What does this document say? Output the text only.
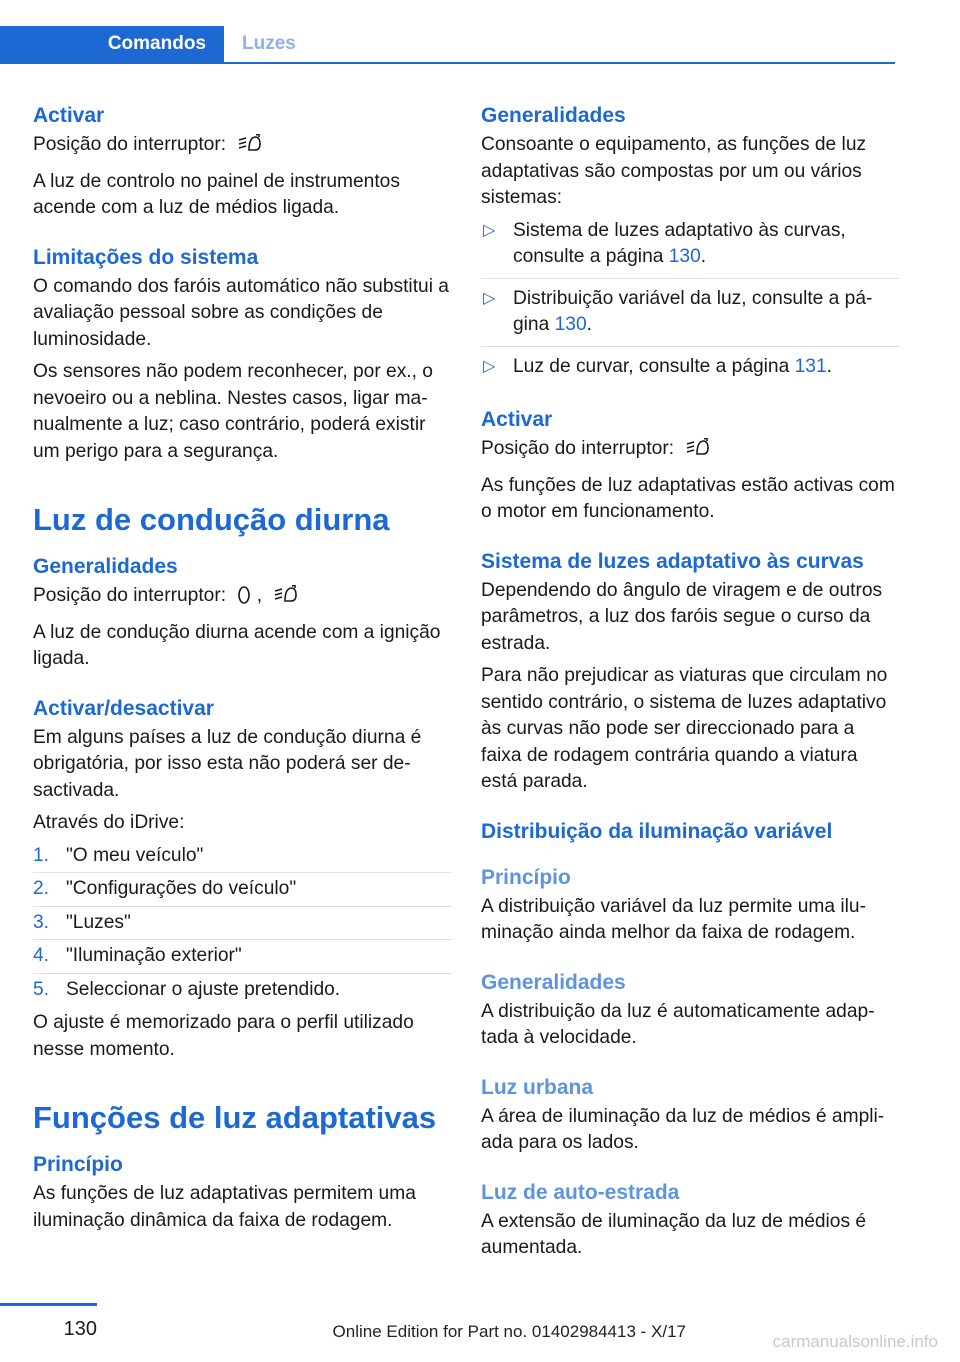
Comandos	Luzes
Activar

Posição do interruptor:

A luz de controlo no painel de instrumentos acende com a luz de médios ligada.

Limitações do sistema

O comando dos faróis automático não substitui a avaliação pessoal sobre as condições de luminosidade.

Os sensores não podem reconhecer, por ex., o nevoeiro ou a neblina. Nestes casos, ligar manualmente a luz; caso contrário, poderá existir um perigo para a segurança.

Luz de condução diurna
Generalidades

Posição do interruptor: ,

A luz de condução diurna acende com a ignição ligada.

Activar/desactivar

Em alguns países a luz de condução diurna é obrigatória, por isso esta não poderá ser desactivada.

Através do iDrive:

1. "O meu veículo"
2. "Configurações do veículo"
3. "Luzes"
4. "Iluminação exterior"
5. Seleccionar o ajuste pretendido.

O ajuste é memorizado para o perfil utilizado nesse momento.

Funções de luz adaptativas
Princípio

As funções de luz adaptativas permitem uma iluminação dinâmica da faixa de rodagem.

Generalidades

Consoante o equipamento, as funções de luz adaptativas são compostas por um ou vários sistemas:

▷ Sistema de luzes adaptativo às curvas, consulte a página 130.
▷ Distribuição variável da luz, consulte a página 130.
▷ Luz de curvar, consulte a página 131.
Activar

Posição do interruptor:

As funções de luz adaptativas estão activas com o motor em funcionamento.

Sistema de luzes adaptativo às curvas

Dependendo do ângulo de viragem e de outros parâmetros, a luz dos faróis segue o curso da estrada.

Para não prejudicar as viaturas que circulam no sentido contrário, o sistema de luzes adaptativo às curvas não pode ser direccionado para a faixa de rodagem contrária quando a viatura está parada.

Distribuição da iluminação variável
Princípio

A distribuição variável da luz permite uma iluminação ainda melhor da faixa de rodagem.

Generalidades

A distribuição da luz é automaticamente adaptada à velocidade.

Luz urbana

A área de iluminação da luz de médios é ampliada para os lados.

Luz de auto-estrada

A extensão de iluminação da luz de médios é aumentada.

130	Online Edition for Part no. 01402984413 - X/17
carmanualsonline.info
